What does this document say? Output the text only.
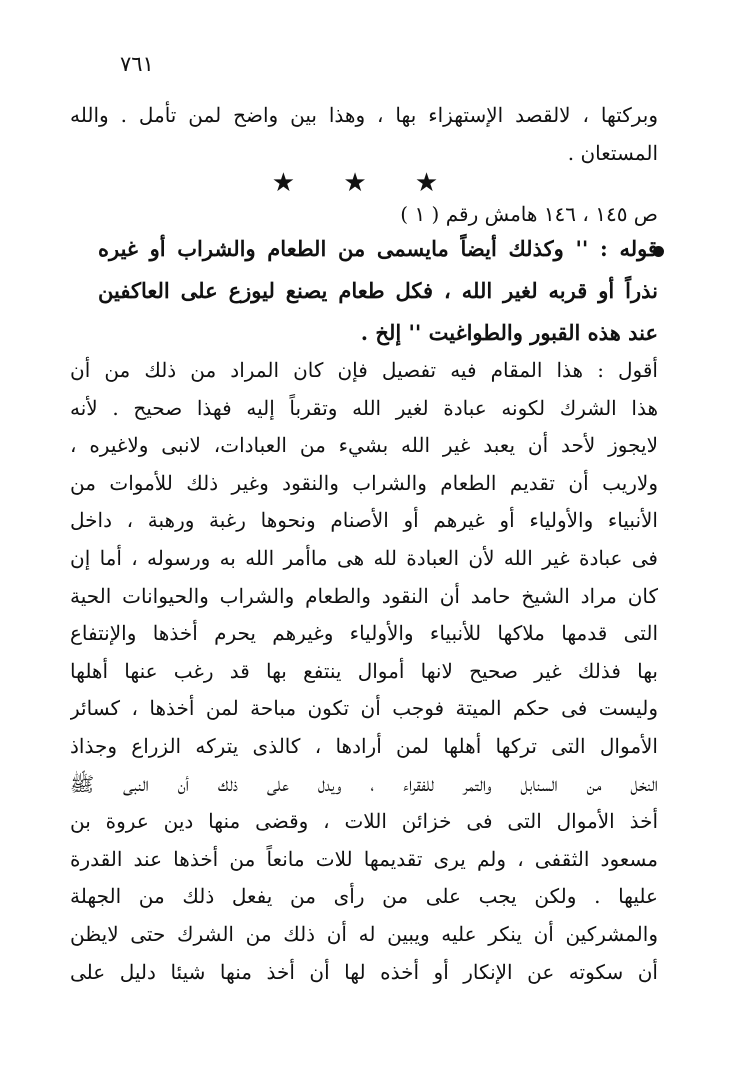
٧٦١
وبركتها ، لالقصد الإستهزاء بها ، وهذا بين واضح لمن تأمل . والله
المستعان .
★ ★ ★
ص ١٤٥ ، ١٤٦ هامش رقم ( ١ )
قوله : '' وكذلك أيضاً مايسمى من الطعام والشراب أو غيره
نذراً أو قربه لغير الله ، فكل طعام يصنع ليوزع على العاكفين
عند هذه القبور والطواغيت '' إلخ .
أقول : هذا المقام فيه تفصيل فإن كان المراد من ذلك من أن
هذا الشرك لكونه عبادة لغير الله وتقرباً إليه فهذا صحيح . لأنه
لايجوز لأحد أن يعبد غير الله بشيء من العبادات، لانبى ولاغيره ،
ولاريب أن تقديم الطعام والشراب والنقود وغير ذلك للأموات من
الأنبياء والأولياء أو غيرهم أو الأصنام ونحوها رغبة ورهبة ، داخل
فى عبادة غير الله لأن العبادة لله هى ماأمر الله به ورسوله ، أما إن
كان مراد الشيخ حامد أن النقود والطعام والشراب والحيوانات الحية
التى قدمها ملاكها للأنبياء والأولياء وغيرهم يحرم أخذها والإنتفاع
بها فذلك غير صحيح لانها أموال ينتفع بها قد رغب عنها أهلها
وليست فى حكم الميتة فوجب أن تكون مباحة لمن أخذها ، كسائر
الأموال التى تركها أهلها لمن أرادها ، كالذى يتركه الزراع وجذاذ
النخل من السنابل والتمر للفقراء ، ويدل على ذلك أن النبى ﷺ
أخذ الأموال التى فى خزائن اللات ، وقضى منها دين عروة بن
مسعود الثقفى ، ولم يرى تقديمها للات مانعاً من أخذها عند القدرة
عليها . ولكن يجب على من رأى من يفعل ذلك من الجهلة
والمشركين أن ينكر عليه ويبين له أن ذلك من الشرك حتى لايظن
أن سكوته عن الإنكار أو أخذه لها أن أخذ منها شيئا دليل على
